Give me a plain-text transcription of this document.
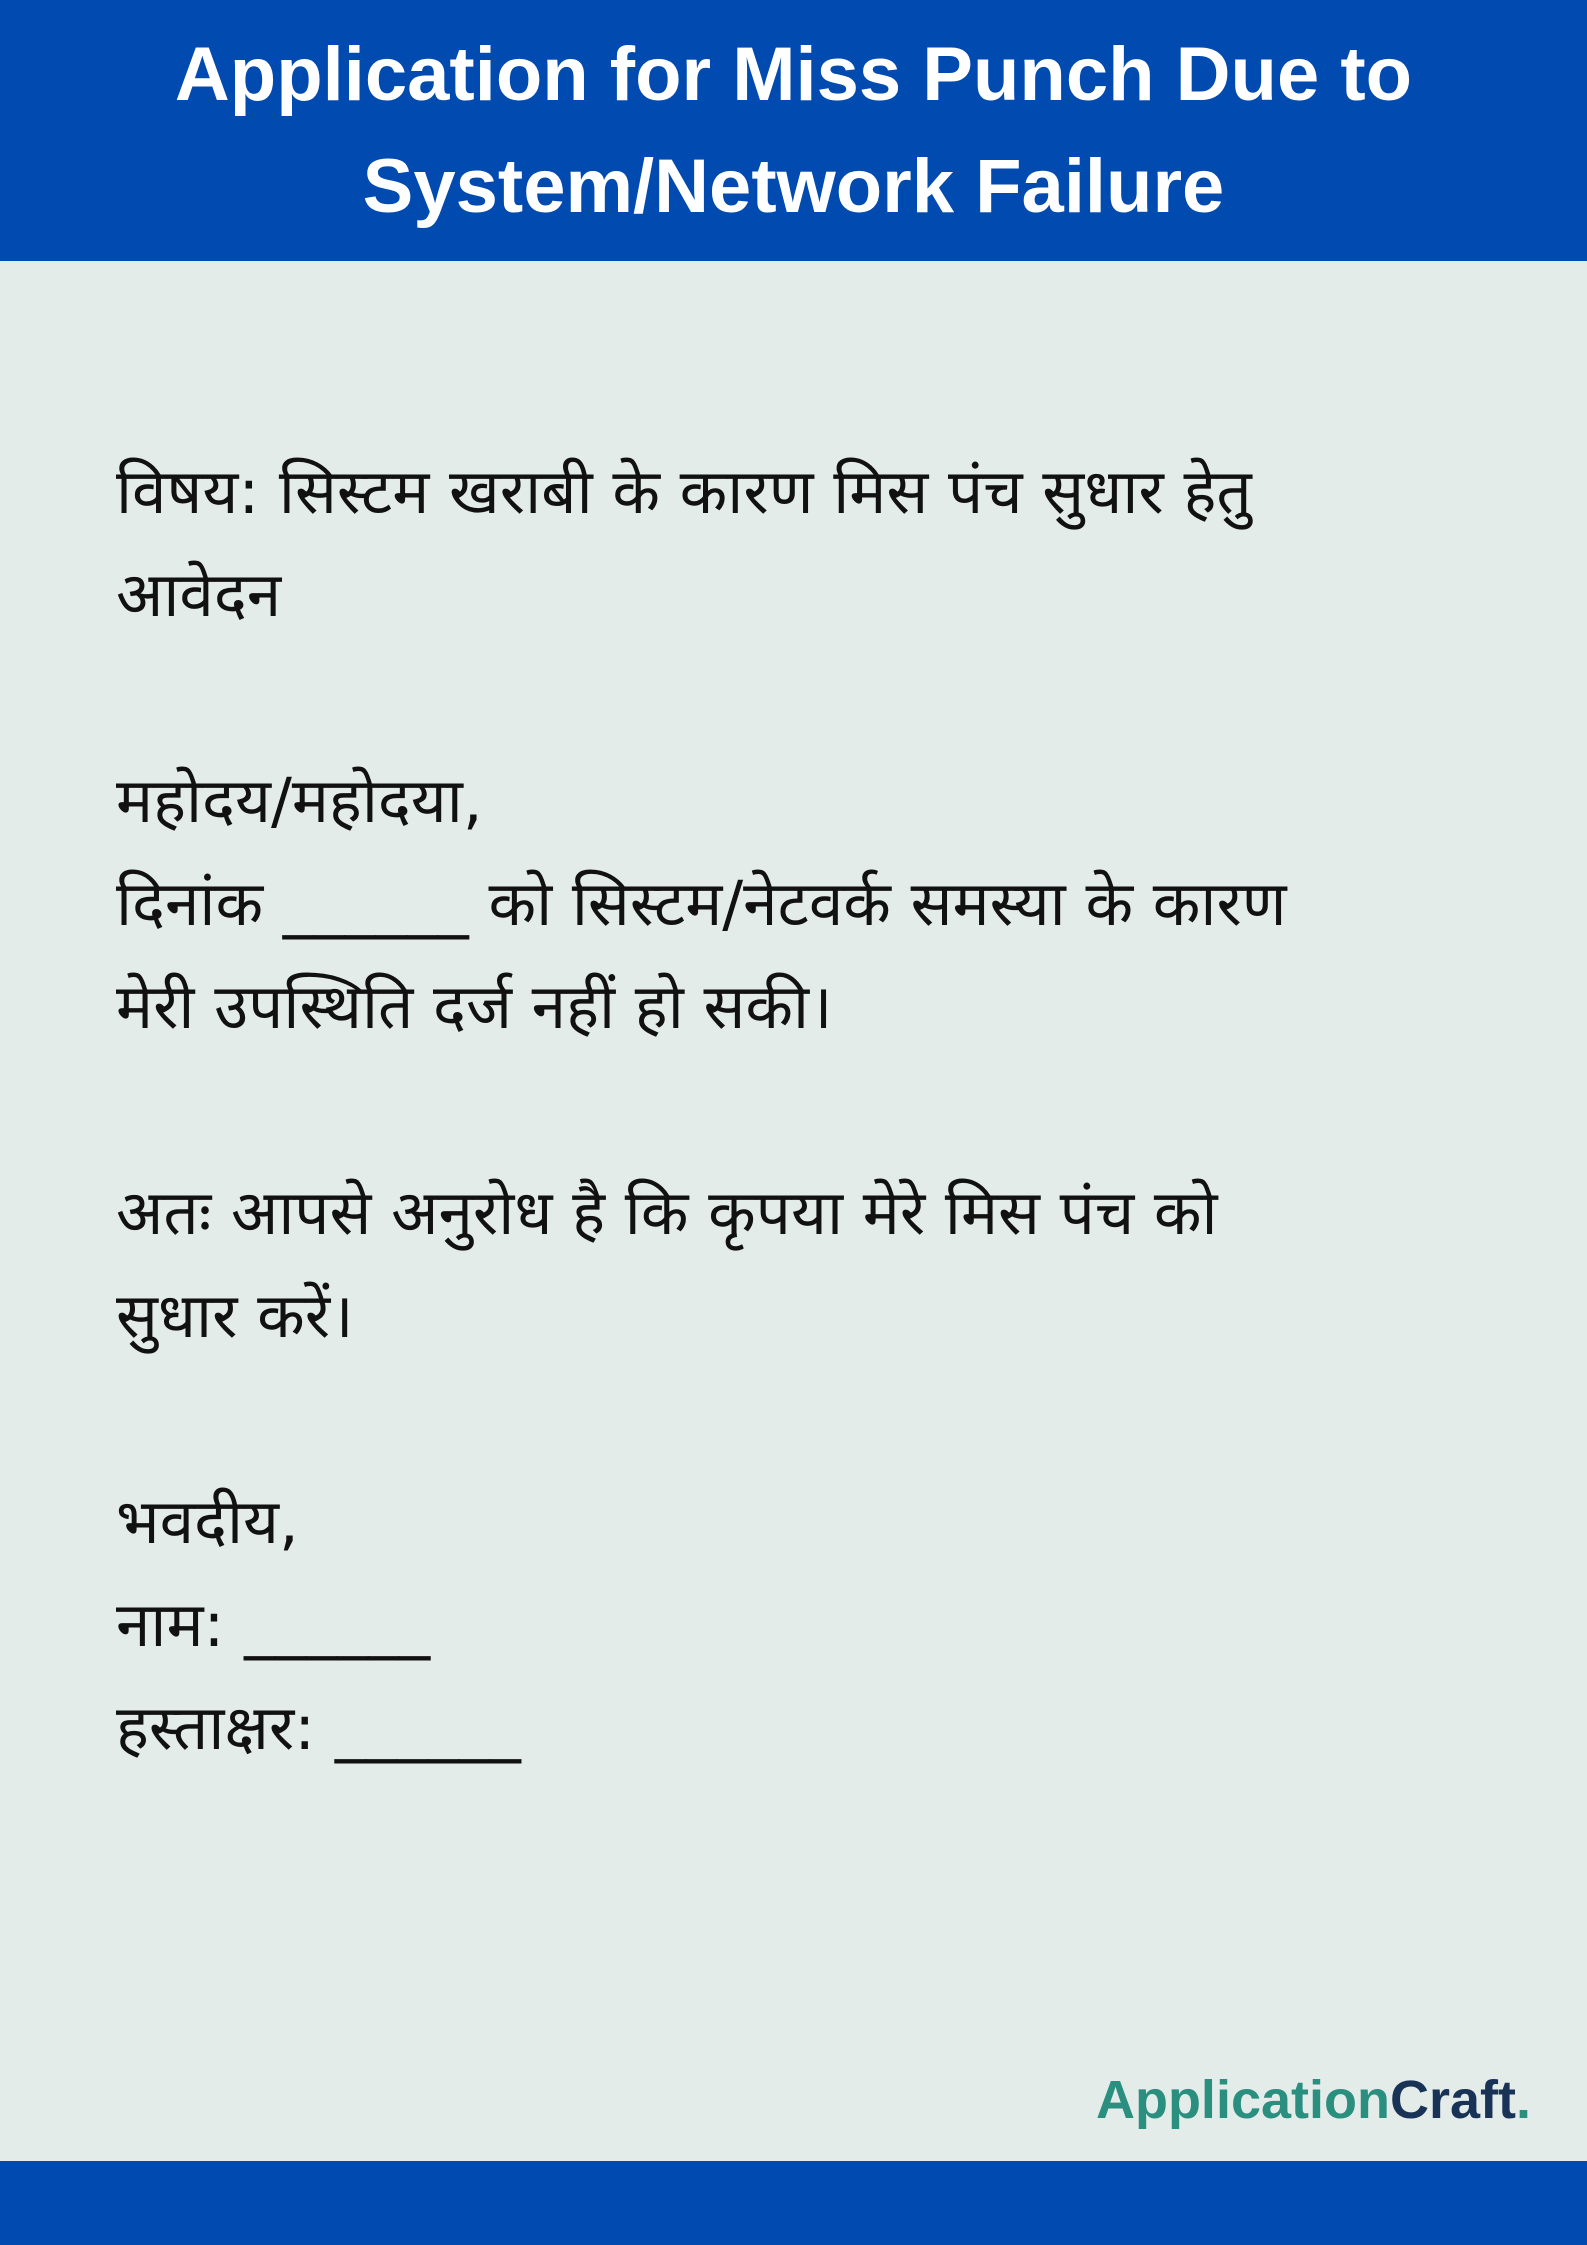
Application for Miss Punch Due to
System/Network Failure

विषय: सिस्टम खराबी के कारण मिस पंच सुधार हेतु

आवेदन

महोदय/महोदया,

दिनांक ______ को सिस्टम/नेटवर्क समस्या के कारण

मेरी उपस्थिति दर्ज नहीं हो सकी।

अतः आपसे अनुरोध है कि कृपया मेरे मिस पंच को

सुधार करें।

भवदीय,

नाम: ______

हस्ताक्षर: ______

ApplicationCraft.
